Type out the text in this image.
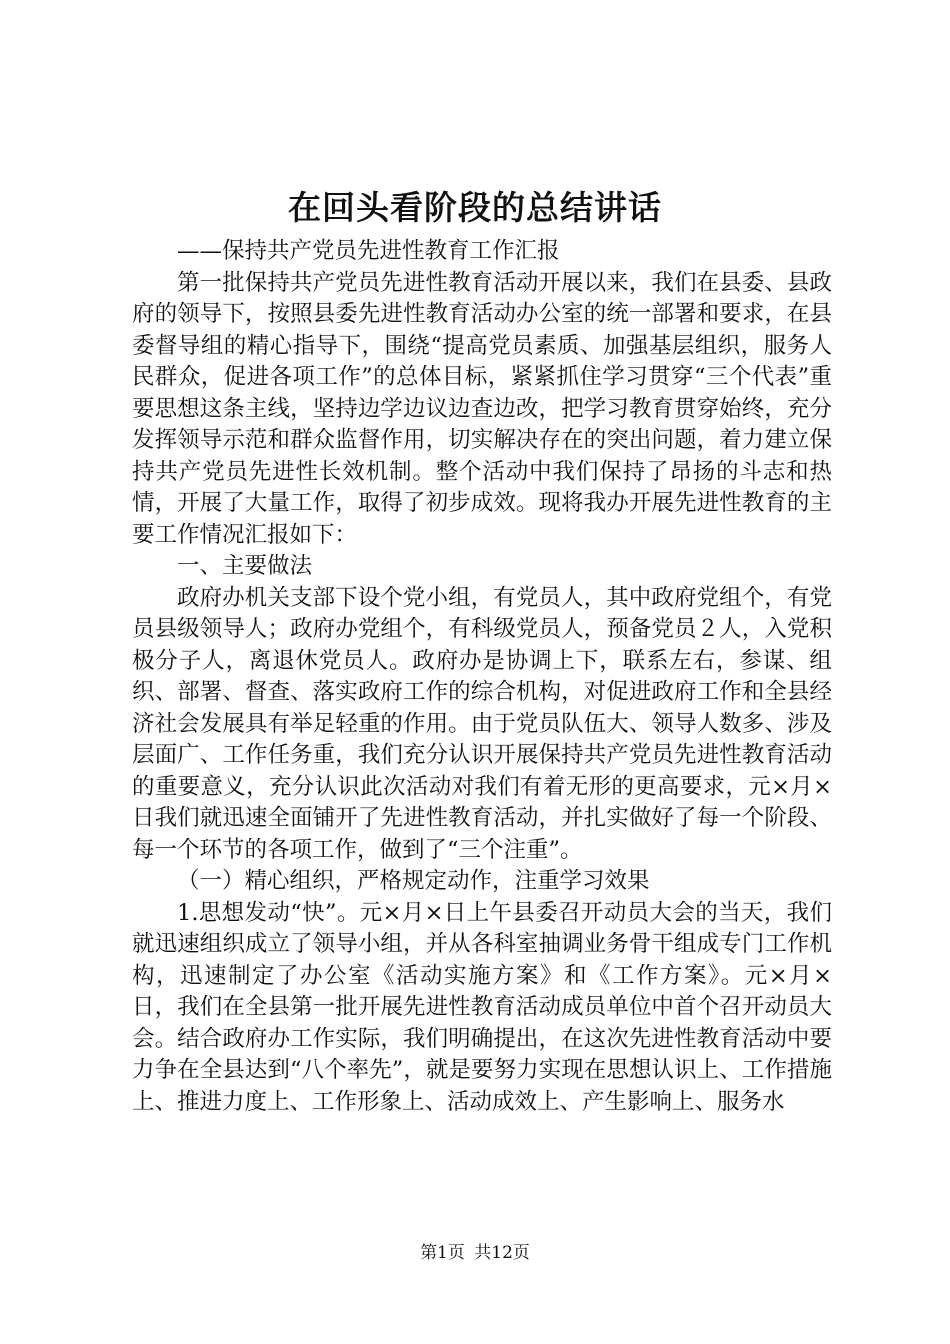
在回头看阶段的总结讲话

——保持共产党员先进性教育工作汇报

第一批保持共产党员先进性教育活动开展以来，我们在县委、县政府的领导下，按照县委先进性教育活动办公室的统一部署和要求，在县委督导组的精心指导下，围绕“提高党员素质、加强基层组织，服务人民群众，促进各项工作”的总体目标，紧紧抓住学习贯穿“三个代表”重要思想这条主线，坚持边学边议边查边改，把学习教育贯穿始终，充分发挥领导示范和群众监督作用，切实解决存在的突出问题，着力建立保持共产党员先进性长效机制。整个活动中我们保持了昂扬的斗志和热情，开展了大量工作，取得了初步成效。现将我办开展先进性教育的主要工作情况汇报如下：

一、主要做法

政府办机关支部下设个党小组，有党员人，其中政府党组个，有党员县级领导人；政府办党组个，有科级党员人，预备党员２人，入党积极分子人，离退休党员人。政府办是协调上下，联系左右，参谋、组织、部署、督查、落实政府工作的综合机构，对促进政府工作和全县经济社会发展具有举足轻重的作用。由于党员队伍大、领导人数多、涉及层面广、工作任务重，我们充分认识开展保持共产党员先进性教育活动的重要意义，充分认识此次活动对我们有着无形的更高要求，元×月×日我们就迅速全面铺开了先进性教育活动，并扎实做好了每一个阶段、每一个环节的各项工作，做到了“三个注重”。

（一）精心组织，严格规定动作，注重学习效果

1.思想发动“快”。元×月×日上午县委召开动员大会的当天，我们就迅速组织成立了领导小组，并从各科室抽调业务骨干组成专门工作机构，迅速制定了办公室《活动实施方案》和《工作方案》。元×月×日，我们在全县第一批开展先进性教育活动成员单位中首个召开动员大会。结合政府办工作实际，我们明确提出，在这次先进性教育活动中要力争在全县达到“八个率先”，就是要努力实现在思想认识上、工作措施上、推进力度上、工作形象上、活动成效上、产生影响上、服务水

第1页 共12页
